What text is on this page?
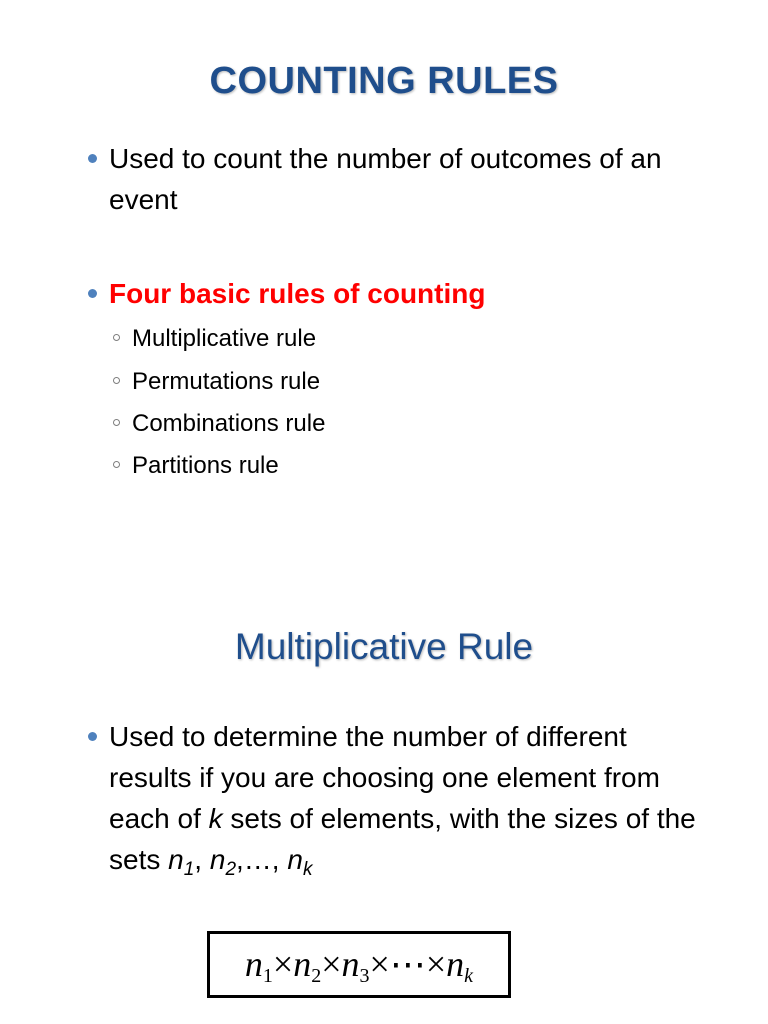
COUNTING RULES
Used to count the number of outcomes of an event
Four basic rules of counting
Multiplicative rule
Permutations rule
Combinations rule
Partitions rule
Multiplicative Rule
Used to determine the number of different results if you are choosing one element from each of k sets of elements, with the sizes of the sets $n_1$, $n_2,\dots$, $n_k$
$n_1\times n_2\times n_3\times\cdots\times n_k$
